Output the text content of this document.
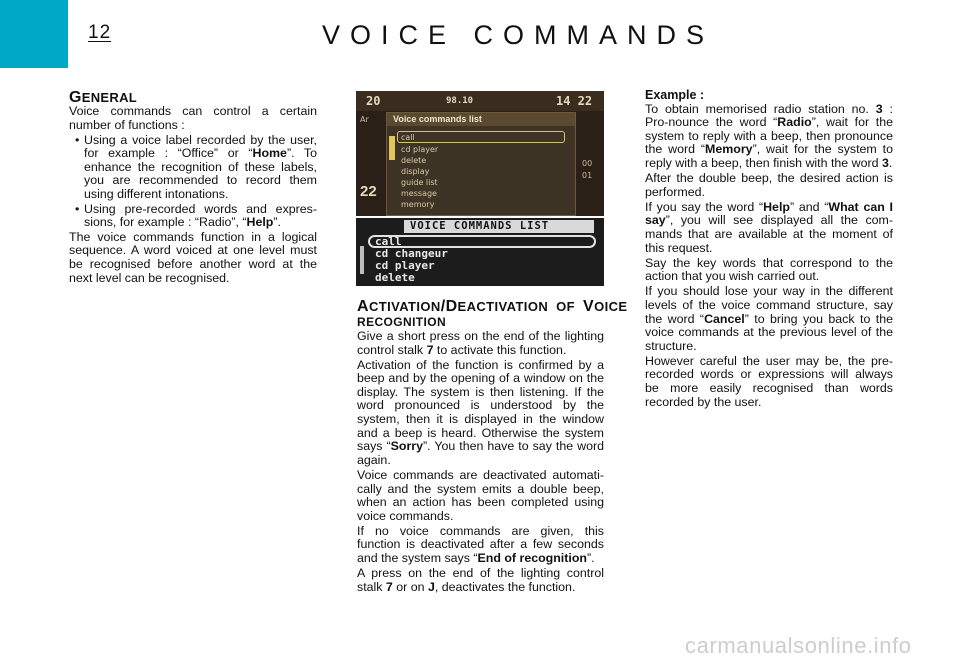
12	VOICE COMMANDS
GENERAL

Voice commands can control a certain number of functions :

• Using a voice label recorded by the user, for example : “Office” or “Home”. To enhance the recognition of these labels, you are recommended to record them using different intonations.
• Using pre-recorded words and expres-sions, for example : “Radio”, “Help”.

The voice commands function in a logical sequence. A word voiced at one level must be recognised before another word at the next level can be recognised.

20	98.10	14 22
Ar
00
01
22
Voice commands list
call
cd player
delete
display
guide list
message
memory
VOICE COMMANDS LIST
call
cd changeur
cd player
delete
ACTIVATION/DEACTIVATION OF VOICE
RECOGNITION

Give a short press on the end of the lighting control stalk 7 to activate this function.

Activation of the function is confirmed by a beep and by the opening of a window on the display. The system is then listening. If the word pronounced is understood by the system, then it is displayed in the window and a beep is heard. Otherwise the system says “Sorry”. You then have to say the word again.

Voice commands are deactivated automati-cally and the system emits a double beep, when an action has been completed using voice commands.

If no voice commands are given, this function is deactivated after a few seconds and the system says “End of recognition”.

A press on the end of the lighting control stalk 7 or on J, deactivates the function.

Example :

To obtain memorised radio station no. 3 : Pro-nounce the word “Radio”, wait for the system to reply with a beep, then pronounce the word “Memory”, wait for the system to reply with a beep, then finish with the word 3.

After the double beep, the desired action is performed.

If you say the word “Help” and “What can I say”, you will see displayed all the com-mands that are available at the moment of this request.

Say the key words that correspond to the action that you wish carried out.

If you should lose your way in the different levels of the voice command structure, say the word “Cancel” to bring you back to the voice commands at the previous level of the structure.

However careful the user may be, the pre-recorded words or expressions will always be more easily recognised than words recorded by the user.

carmanualsonline.info
